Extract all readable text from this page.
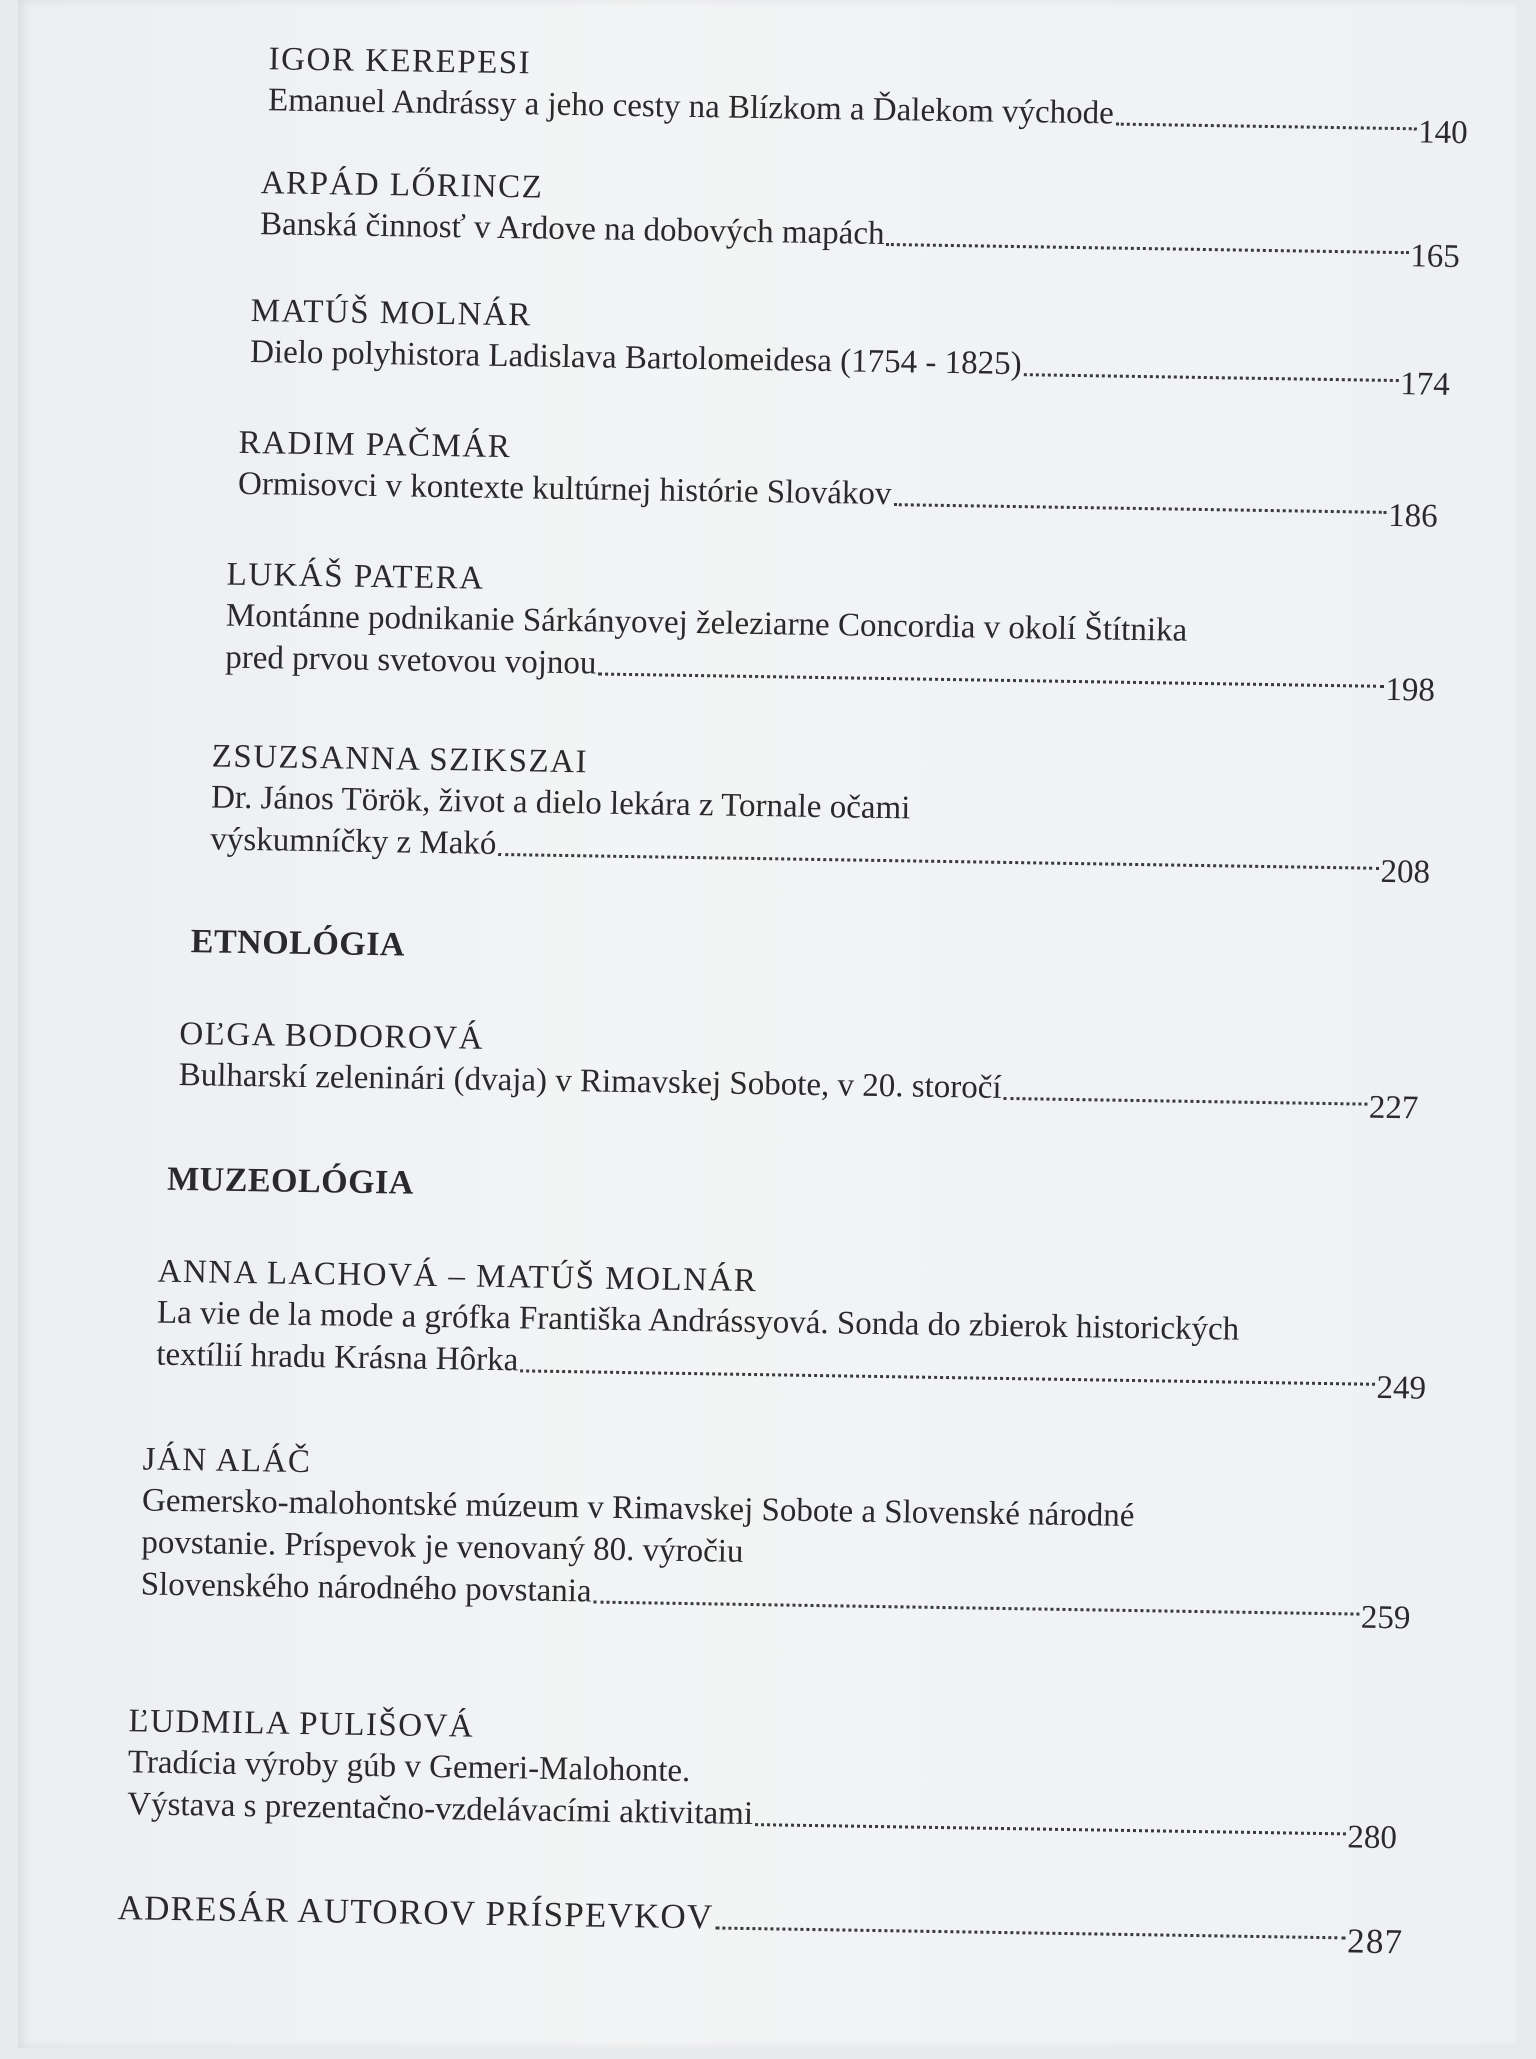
IGOR KEREPESI
Emanuel Andrássy a jeho cesty na Blízkom a Ďalekom východe
140
ARPÁD LŐRINCZ
Banská činnosť v Ardove na dobových mapách
165
MATÚŠ MOLNÁR
Dielo polyhistora Ladislava Bartolomeidesa (1754 - 1825)
174
RADIM PAČMÁR
Ormisovci v kontexte kultúrnej histórie Slovákov
186
LUKÁŠ PATERA
Montánne podnikanie Sárkányovej železiarne Concordia v okolí Štítnika
pred prvou svetovou vojnou
198
ZSUZSANNA SZIKSZAI
Dr. János Török, život a dielo lekára z Tornale očami
výskumníčky z Makó
208
ETNOLÓGIA
OĽGA BODOROVÁ
Bulharskí zeleninári (dvaja) v Rimavskej Sobote, v 20. storočí
227
MUZEOLÓGIA
ANNA LACHOVÁ – MATÚŠ MOLNÁR
La vie de la mode a grófka Františka Andrássyová. Sonda do zbierok historických
textílií hradu Krásna Hôrka
249
JÁN ALÁČ
Gemersko-malohontské múzeum v Rimavskej Sobote a Slovenské národné
povstanie. Príspevok je venovaný 80. výročiu
Slovenského národného povstania
259
ĽUDMILA PULIŠOVÁ
Tradícia výroby gúb v Gemeri-Malohonte.
Výstava s prezentačno-vzdelávacími aktivitami
280
ADRESÁR AUTOROV PRÍSPEVKOV
287
